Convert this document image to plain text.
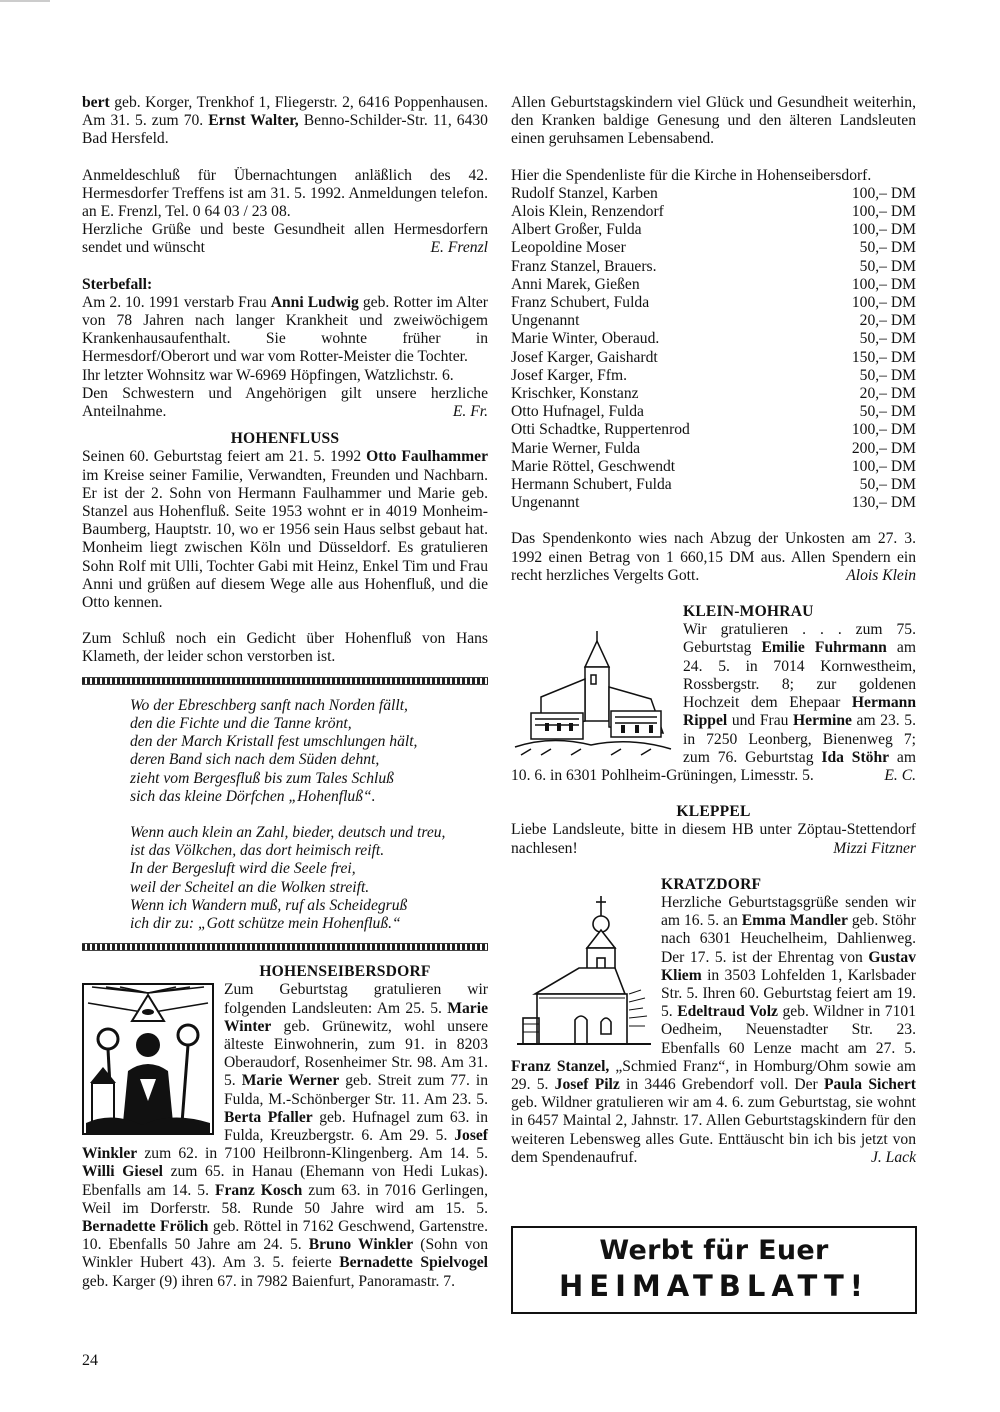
bert geb. Korger, Trenkhof 1, Fliegerstr. 2, 6416 Poppenhausen. Am 31. 5. zum 70. Ernst Walter, Benno-Schilder-Str. 11, 6430 Bad Hersfeld.

Anmeldeschluß für Übernachtungen anläßlich des 42. Hermesdorfer Treffens ist am 31. 5. 1992. Anmeldungen telefon. an E. Frenzl, Tel. 0 64 03 / 23 08.

Herzliche Grüße und beste Gesundheit allen Hermesdorfern sendet und wünscht	E. Frenzl

Sterbefall:

Am 2. 10. 1991 verstarb Frau Anni Ludwig geb. Rotter im Alter von 78 Jahren nach langer Krankheit und zweiwöchigem Krankenhausaufenthalt. Sie wohnte früher in Hermesdorf/Oberort und war vom Rotter-Meister die Tochter.

Ihr letzter Wohnsitz war W-6969 Höpfingen, Watzlichstr. 6.

Den Schwestern und Angehörigen gilt unsere herzliche Anteilnahme.	E. Fr.

HOHENFLUSS

Seinen 60. Geburtstag feiert am 21. 5. 1992 Otto Faulhammer im Kreise seiner Familie, Verwandten, Freunden und Nachbarn. Er ist der 2. Sohn von Hermann Faulhammer und Marie geb. Stanzel aus Hohenfluß. Seite 1953 wohnt er in 4019 Monheim-Baumberg, Hauptstr. 10, wo er 1956 sein Haus selbst gebaut hat. Monheim liegt zwischen Köln und Düsseldorf. Es gratulieren Sohn Rolf mit Ulli, Tochter Gabi mit Heinz, Enkel Tim und Frau Anni und grüßen auf diesem Wege alle aus Hohenfluß, und die Otto kennen.

Zum Schluß noch ein Gedicht über Hohenfluß von Hans Klameth, der leider schon verstorben ist.

Wo der Ebreschberg sanft nach Norden fällt,
den die Fichte und die Tanne krönt,
den der March Kristall fest umschlungen hält,
deren Band sich nach dem Süden dehnt,
zieht vom Bergesfluß bis zum Tales Schluß
sich das kleine Dörfchen „Hohenfluß“.
Wenn auch klein an Zahl, bieder, deutsch und treu,
ist das Völkchen, das dort heimisch reift.
In der Bergesluft wird die Seele frei,
weil der Scheitel an die Wolken streift.
Wenn ich Wandern muß, ruf als Scheidegruß
ich dir zu: „Gott schütze mein Hohenfluß.“

HOHENSEIBERSDORF

Zum Geburtstag gratulieren wir folgenden Landsleuten: Am 25. 5. Marie Winter geb. Grünewitz, wohl unsere älteste Einwohnerin, zum 91. in 8203 Oberaudorf, Rosenheimer Str. 98. Am 31. 5. Marie Werner geb. Streit zum 77. in Fulda, M.-Schönberger Str. 11. Am 23. 5. Berta Pfaller geb. Hufnagel zum 63. in Fulda, Kreuzbergstr. 6. Am 29. 5. Josef Winkler zum 62. in 7100 Heilbronn-Klingenberg. Am 14. 5. Willi Giesel zum 65. in Hanau (Ehemann von Hedi Lukas). Ebenfalls am 14. 5. Franz Kosch zum 63. in 7016 Gerlingen, Weil im Dorferstr. 58. Runde 50 Jahre wird am 15. 5. Bernadette Frölich geb. Röttel in 7162 Geschwend, Gartenstre. 10. Ebenfalls 50 Jahre am 24. 5. Bruno Winkler (Sohn von Winkler Hubert 43). Am 3. 5. feierte Bernadette Spielvogel geb. Karger (9) ihren 67. in 7982 Baienfurt, Panoramastr. 7.

Allen Geburtstagskindern viel Glück und Gesundheit weiterhin, den Kranken baldige Genesung und den älteren Landsleuten einen geruhsamen Lebensabend.

Hier die Spendenliste für die Kirche in Hohenseibersdorf.

Rudolf Stanzel, Karben	100,– DM
Alois Klein, Renzendorf	100,– DM
Albert Großer, Fulda	100,– DM
Leopoldine Moser	50,– DM
Franz Stanzel, Brauers.	50,– DM
Anni Marek, Gießen	100,– DM
Franz Schubert, Fulda	100,– DM
Ungenannt	20,– DM
Marie Winter, Oberaud.	50,– DM
Josef Karger, Gaishardt	150,– DM
Josef Karger, Ffm.	50,– DM
Krischker, Konstanz	20,– DM
Otto Hufnagel, Fulda	50,– DM
Otti Schadtke, Ruppertenrod	100,– DM
Marie Werner, Fulda	200,– DM
Marie Röttel, Geschwendt	100,– DM
Hermann Schubert, Fulda	50,– DM
Ungenannt	130,– DM

Das Spendenkonto wies nach Abzug der Unkosten am 27. 3. 1992 einen Betrag von 1 660,15 DM aus. Allen Spendern ein recht herzliches Vergelts Gott.	Alois Klein

KLEIN-MOHRAU

Wir gratulieren . . . zum 75. Geburtstag Emilie Fuhrmann am 24. 5. in 7014 Kornwestheim, Rossbergstr. 8; zur goldenen Hochzeit dem Ehepaar Hermann Rippel und Frau Hermine am 23. 5. in 7250 Leonberg, Bienenweg 7; zum 76. Geburtstag Ida Stöhr am 10. 6. in 6301 Pohlheim-Grüningen, Limesstr. 5.	E. C.

KLEPPEL

Liebe Landsleute, bitte in diesem HB unter Zöptau-Stettendorf nachlesen!	Mizzi Fitzner

KRATZDORF

Herzliche Geburtstagsgrüße senden wir am 16. 5. an Emma Mandler geb. Stöhr nach 6301 Heuchelheim, Dahlienweg. Der 17. 5. ist der Ehrentag von Gustav Kliem in 3503 Lohfelden 1, Karlsbader Str. 5. Ihren 60. Geburtstag feiert am 19. 5. Edeltraud Volz geb. Wildner in 7101 Oedheim, Neuenstadter Str. 23. Ebenfalls 60 Lenze macht am 27. 5. Franz Stanzel, „Schmied Franz“, in Homburg/Ohm sowie am 29. 5. Josef Pilz in 3446 Grebendorf voll. Der Paula Sichert geb. Wildner gratulieren wir am 4. 6. zum Geburtstag, sie wohnt in 6457 Maintal 2, Jahnstr. 17. Allen Geburtstagskindern für den weiteren Lebensweg alles Gute. Enttäuscht bin ich bis jetzt von dem Spendenaufruf.	J. Lack

Werbt für Euer
HEIMATBLATT!
24
